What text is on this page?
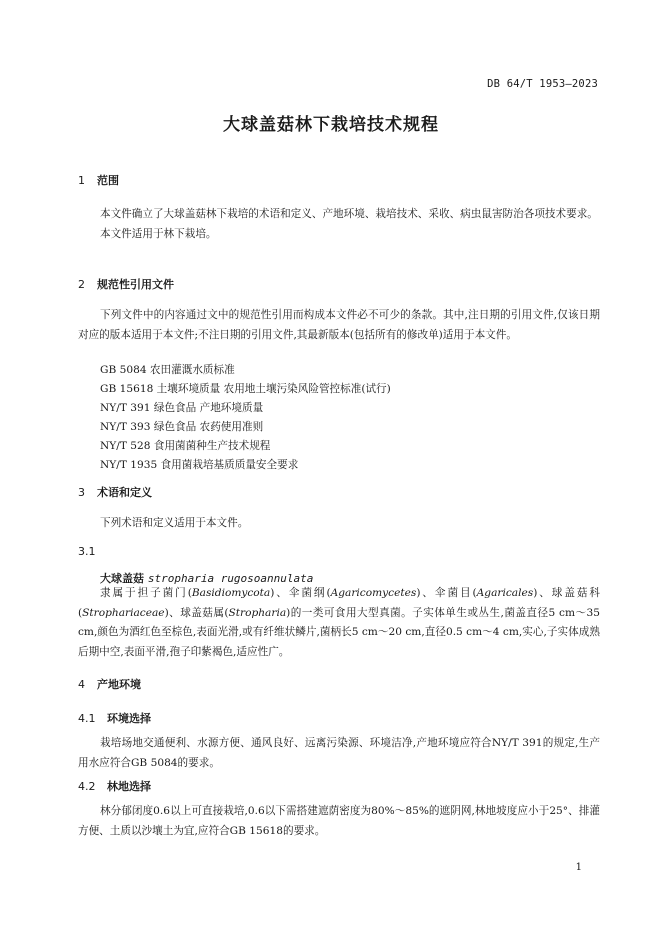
DB 64/T 1953—2023
大球盖菇林下栽培技术规程
1 范围

本文件确立了大球盖菇林下栽培的术语和定义、产地环境、栽培技术、采收、病虫鼠害防治各项技术要求。

本文件适用于林下栽培。

2 规范性引用文件

下列文件中的内容通过文中的规范性引用而构成本文件必不可少的条款。其中,注日期的引用文件,仅该日期对应的版本适用于本文件;不注日期的引用文件,其最新版本(包括所有的修改单)适用于本文件。

GB 5084 农田灌溉水质标准
GB 15618 土壤环境质量 农用地土壤污染风险管控标准(试行)
NY/T 391 绿色食品 产地环境质量
NY/T 393 绿色食品 农药使用准则
NY/T 528 食用菌菌种生产技术规程
NY/T 1935 食用菌栽培基质质量安全要求
3 术语和定义

下列术语和定义适用于本文件。

3.1
大球盖菇 stropharia rugosoannulata

隶属于担子菌门(Basidiomycota)、伞菌纲(Agaricomycetes)、伞菌目(Agaricales)、球盖菇科(Strophariaceae)、球盖菇属(Stropharia)的一类可食用大型真菌。子实体单生或丛生,菌盖直径5 cm～35 cm,颜色为酒红色至棕色,表面光滑,或有纤维状鳞片,菌柄长5 cm～20 cm,直径0.5 cm～4 cm,实心,子实体成熟后期中空,表面平滑,孢子印紫褐色,适应性广。

4 产地环境
4.1 环境选择

栽培场地交通便利、水源方便、通风良好、远离污染源、环境洁净,产地环境应符合NY/T 391的规定,生产用水应符合GB 5084的要求。

4.2 林地选择

林分郁闭度0.6以上可直接栽培,0.6以下需搭建遮荫密度为80%～85%的遮阴网,林地坡度应小于25°、排灌方便、土质以沙壤土为宜,应符合GB 15618的要求。

1
